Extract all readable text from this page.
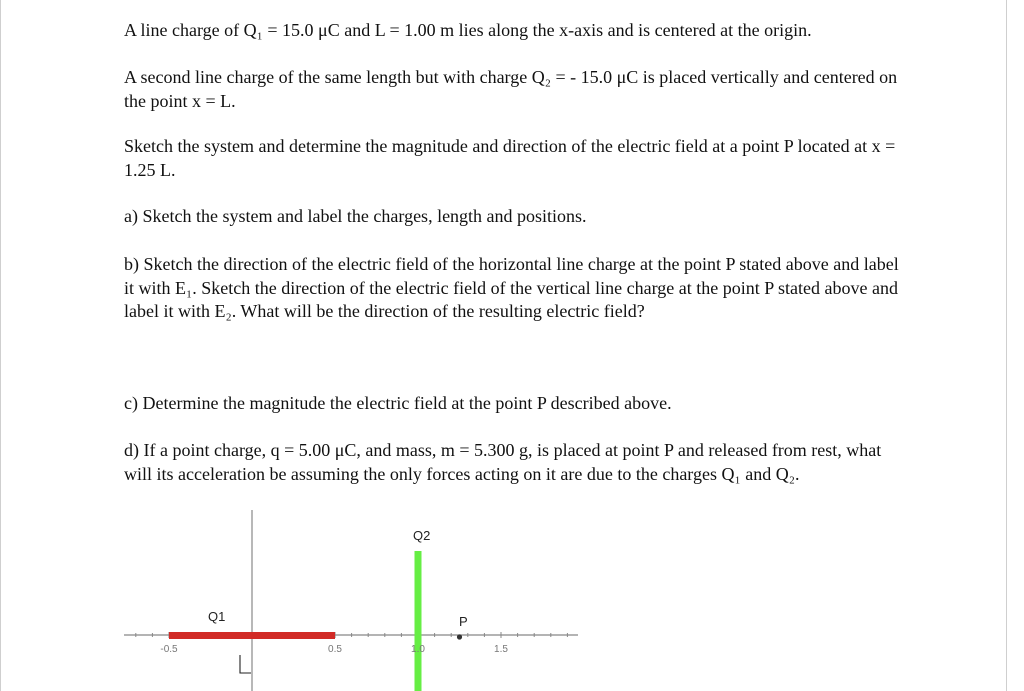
A line charge of Q₁ = 15.0 μC and L = 1.00 m lies along the x-axis and is centered at the origin.
A second line charge of the same length but with charge Q₂ = - 15.0 μC is placed vertically and centered on the point x = L.
Sketch the system and determine the magnitude and direction of the electric field at a point P located at x = 1.25 L.
a) Sketch the system and label the charges, length and positions.
b) Sketch the direction of the electric field of the horizontal line charge at the point P stated above and label it with E₁. Sketch the direction of the electric field of the vertical line charge at the point P stated above and label it with E₂. What will be the direction of the resulting electric field?
c) Determine the magnitude the electric field at the point P described above.
d) If a point charge, q = 5.00 μC, and mass, m = 5.300 g, is placed at point P and released from rest, what will its acceleration be assuming the only forces acting on it are due to the charges Q₁ and Q₂.
-0.5	0.5	1.0	1.5
Q1
Q2
P
